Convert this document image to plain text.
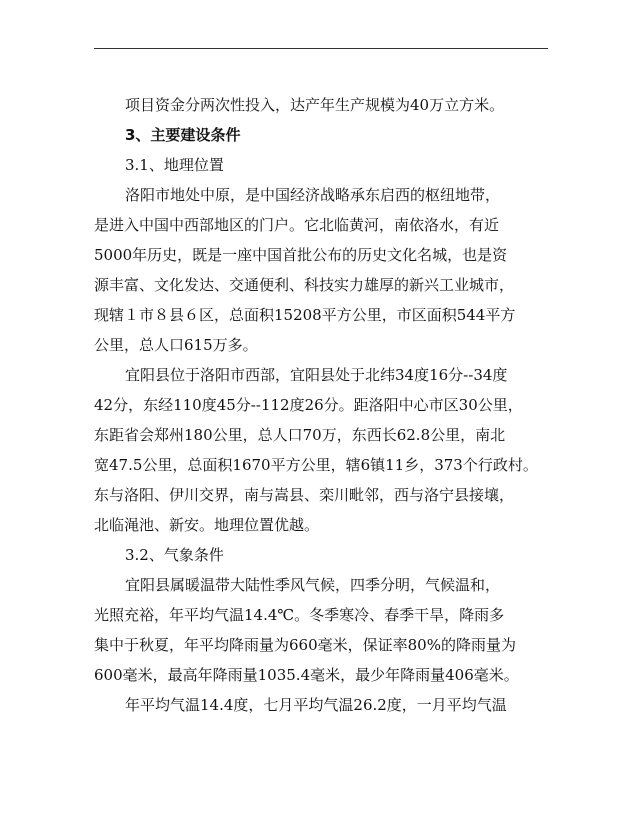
项目资金分两次性投入，达产年生产规模为40万立方米。

3、主要建设条件

3.1、地理位置

洛阳市地处中原，是中国经济战略承东启西的枢纽地带，
是进入中国中西部地区的门户。它北临黄河，南依洛水，有近
5000年历史，既是一座中国首批公布的历史文化名城，也是资
源丰富、文化发达、交通便利、科技实力雄厚的新兴工业城市，
现辖１市８县６区，总面积15208平方公里，市区面积544平方
公里，总人口615万多。

宜阳县位于洛阳市西部，宜阳县处于北纬34度16分--34度
42分，东经110度45分--112度26分。距洛阳中心市区30公里，
东距省会郑州180公里，总人口70万，东西长62.8公里，南北
宽47.5公里，总面积1670平方公里，辖6镇11乡，373个行政村。
东与洛阳、伊川交界，南与嵩县、栾川毗邻，西与洛宁县接壤，
北临渑池、新安。地理位置优越。

3.2、气象条件

宜阳县属暖温带大陆性季风气候，四季分明，气候温和，
光照充裕，年平均气温14.4℃。冬季寒冷、春季干旱，降雨多
集中于秋夏，年平均降雨量为660毫米，保证率80%的降雨量为
600毫米，最高年降雨量1035.4毫米，最少年降雨量406毫米。

年平均气温14.4度，七月平均气温26.2度，一月平均气温
